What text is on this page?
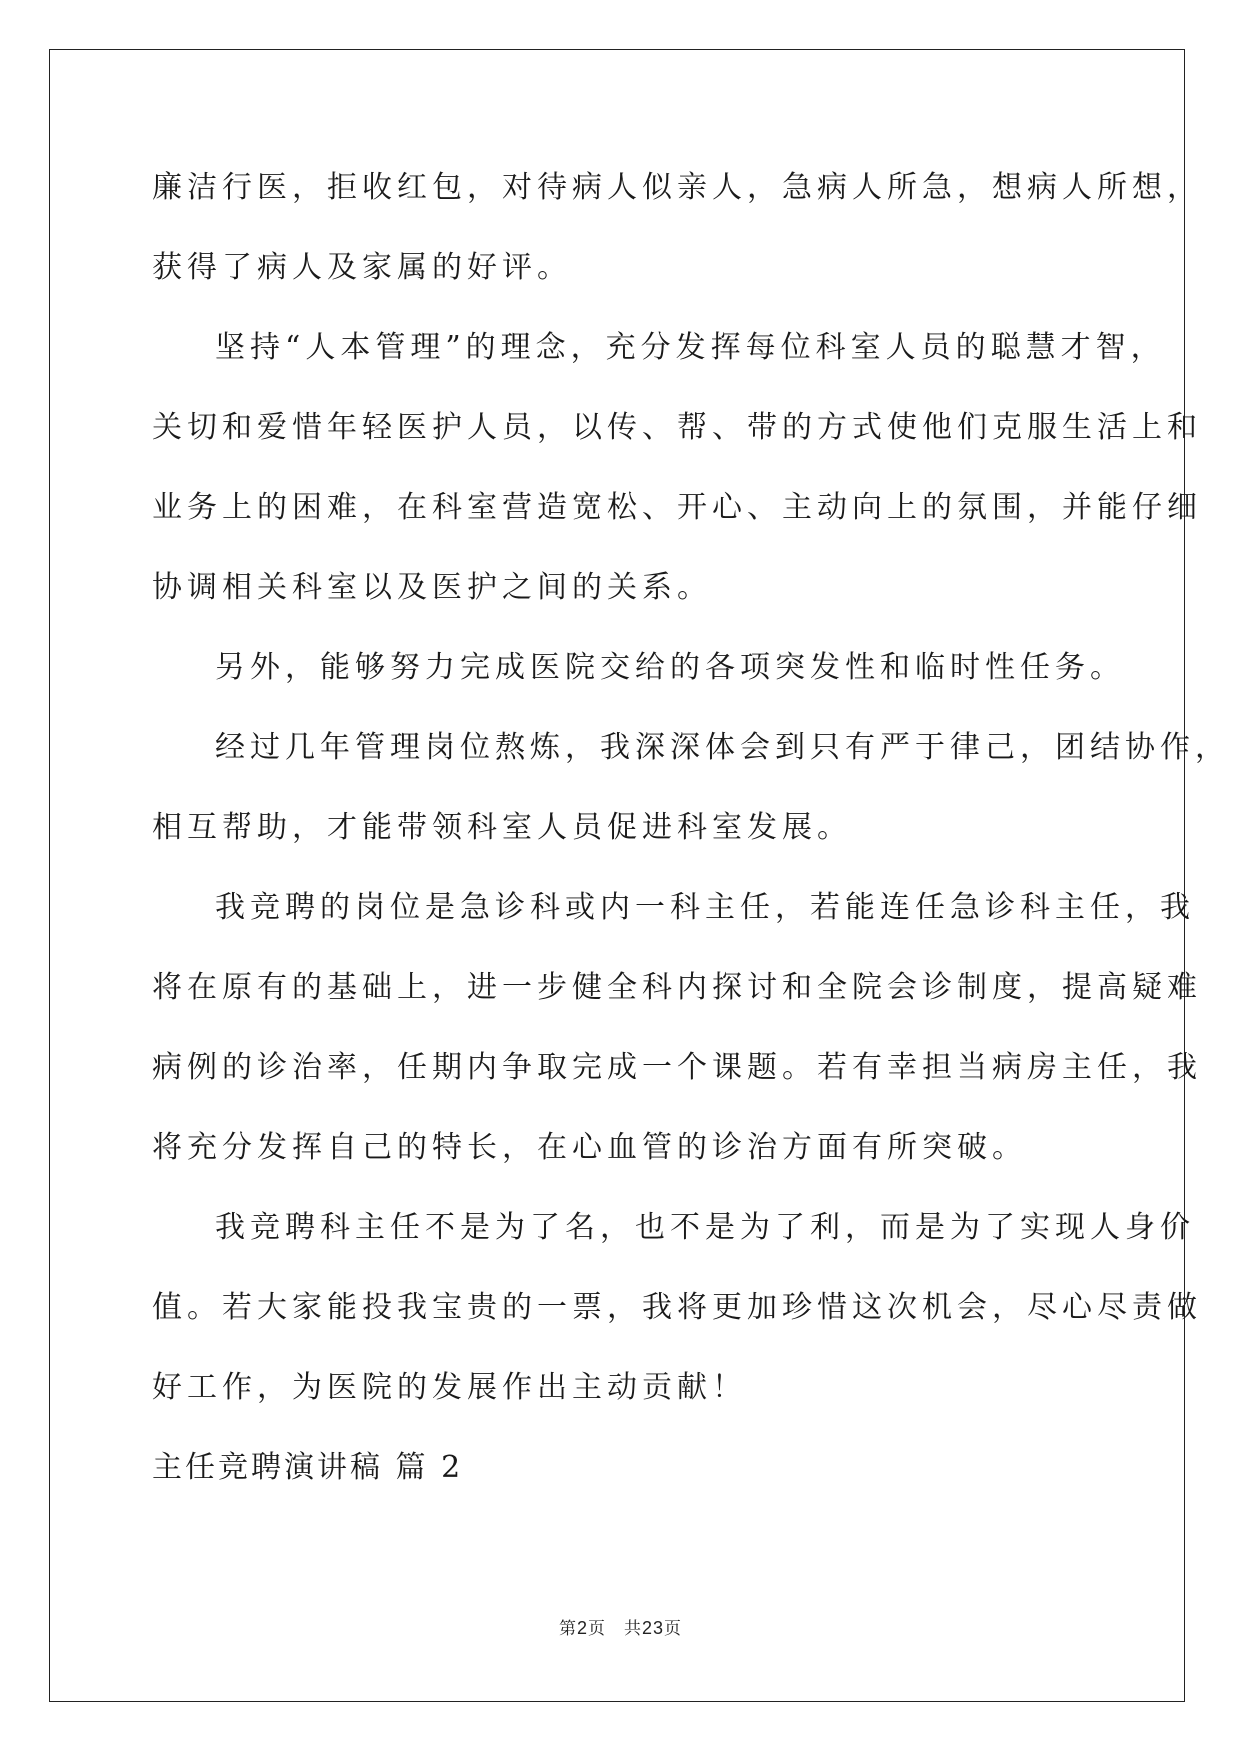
廉洁行医，拒收红包，对待病人似亲人，急病人所急，想病人所想，
获得了病人及家属的好评。
坚持“人本管理”的理念，充分发挥每位科室人员的聪慧才智，
关切和爱惜年轻医护人员，以传、帮、带的方式使他们克服生活上和
业务上的困难，在科室营造宽松、开心、主动向上的氛围，并能仔细
协调相关科室以及医护之间的关系。
另外，能够努力完成医院交给的各项突发性和临时性任务。
经过几年管理岗位熬炼，我深深体会到只有严于律己，团结协作，
相互帮助，才能带领科室人员促进科室发展。
我竞聘的岗位是急诊科或内一科主任，若能连任急诊科主任，我
将在原有的基础上，进一步健全科内探讨和全院会诊制度，提高疑难
病例的诊治率，任期内争取完成一个课题。若有幸担当病房主任，我
将充分发挥自己的特长，在心血管的诊治方面有所突破。
我竞聘科主任不是为了名，也不是为了利，而是为了实现人身价
值。若大家能投我宝贵的一票，我将更加珍惜这次机会，尽心尽责做
好工作，为医院的发展作出主动贡献！
主任竞聘演讲稿 篇 2
第2页 共23页
